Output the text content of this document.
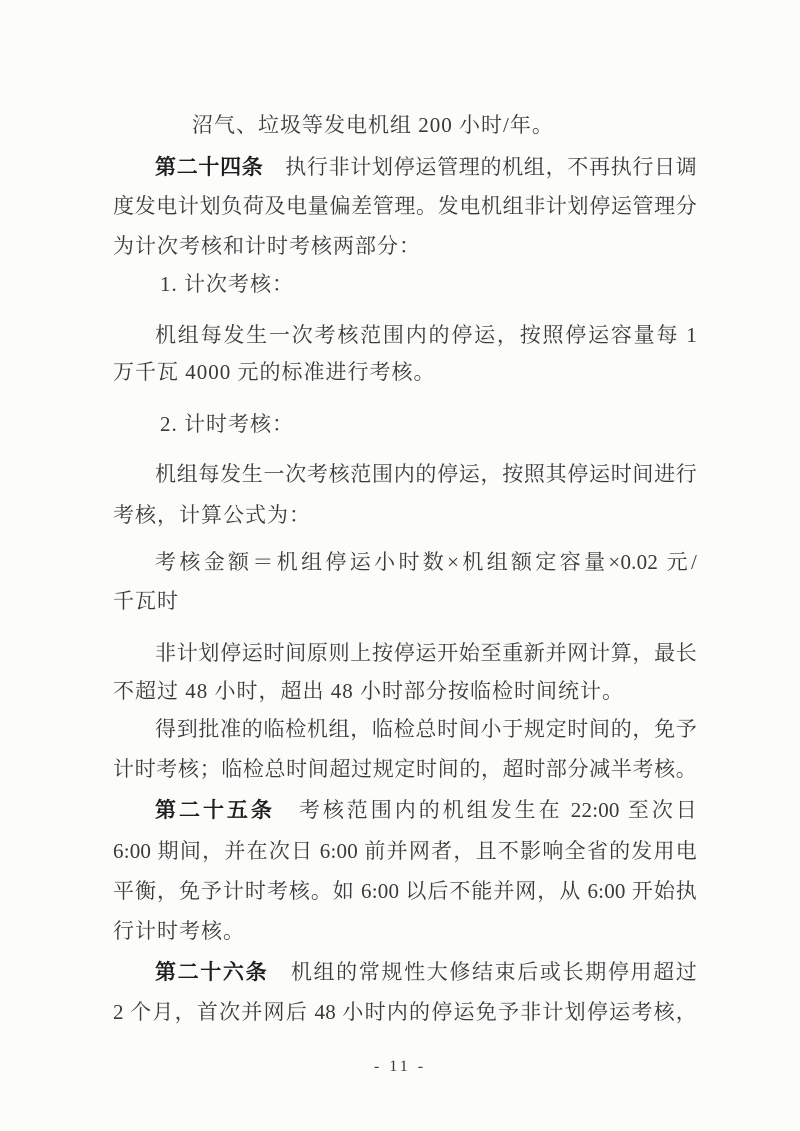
沼气、垃圾等发电机组 200 小时/年。
第二十四条　执行非计划停运管理的机组，不再执行日调
度发电计划负荷及电量偏差管理。发电机组非计划停运管理分
为计次考核和计时考核两部分：
1. 计次考核：
机组每发生一次考核范围内的停运，按照停运容量每 1
万千瓦 4000 元的标准进行考核。
2. 计时考核：
机组每发生一次考核范围内的停运，按照其停运时间进行
考核，计算公式为：
考核金额＝机组停运小时数×机组额定容量×0.02 元/
千瓦时
非计划停运时间原则上按停运开始至重新并网计算，最长
不超过 48 小时，超出 48 小时部分按临检时间统计。
得到批准的临检机组，临检总时间小于规定时间的，免予
计时考核；临检总时间超过规定时间的，超时部分减半考核。
第二十五条　考核范围内的机组发生在 22:00 至次日
6:00 期间，并在次日 6:00 前并网者，且不影响全省的发用电
平衡，免予计时考核。如 6:00 以后不能并网，从 6:00 开始执
行计时考核。
第二十六条　机组的常规性大修结束后或长期停用超过
2 个月，首次并网后 48 小时内的停运免予非计划停运考核，
- 11 -
